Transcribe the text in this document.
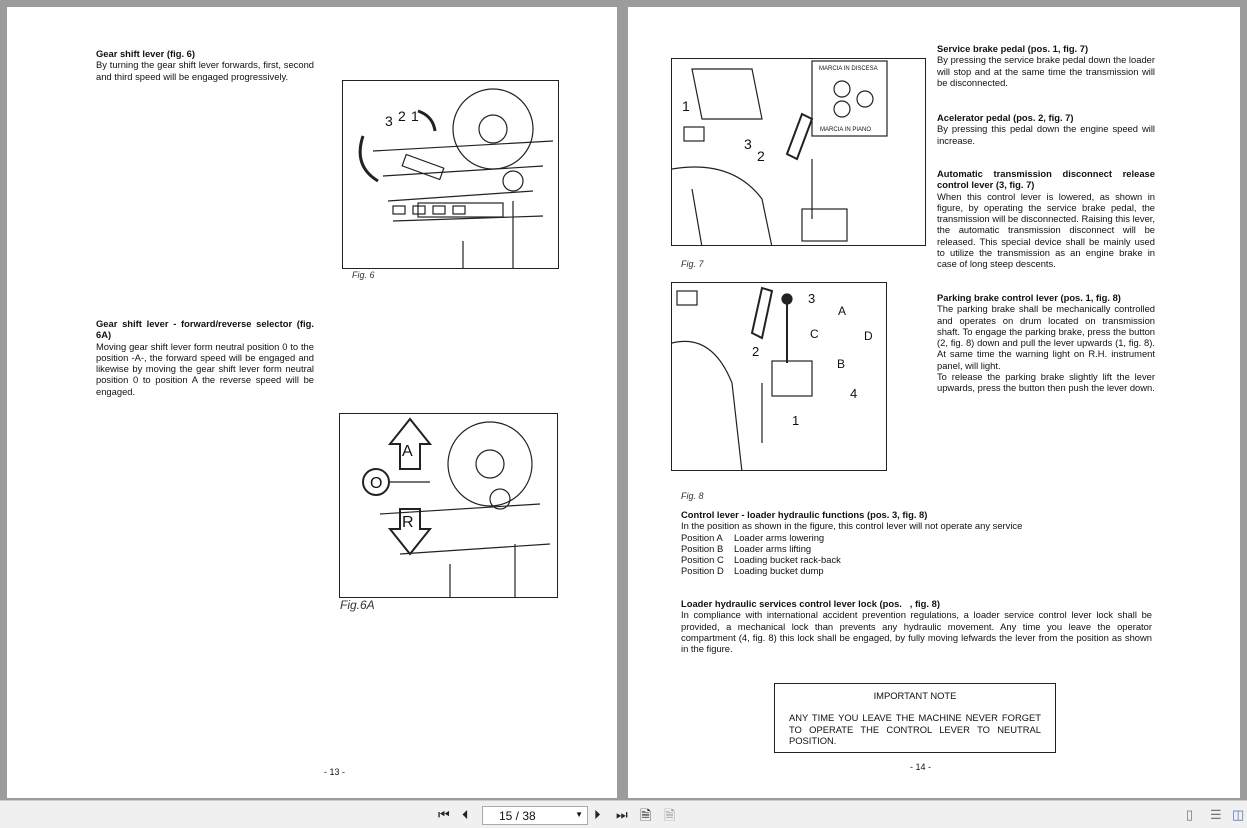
Gear shift lever (fig. 6)
By turning the gear shift lever forwards, first, second and third speed will be engaged progressively.
3 2 1
Fig. 6
Gear shift lever - forward/reverse selector (fig. 6A)
Moving gear shift lever form neutral position 0 to the position -A-, the forward speed will be engaged and likewise by moving the gear shift lever form neutral position 0 to position A the reverse speed will be engaged.
A
O
R
Fig.6A
- 13 -
MARCIA IN DISCESA
MARCIA IN PIANO
1
2
3
Fig. 7
3
2
1
4
A
B
C	D
Fig. 8
Service brake pedal (pos. 1, fig. 7)
By pressing the service brake pedal down the loader will stop and at the same time the transmission will be disconnected.
Acelerator pedal (pos. 2, fig. 7)
By pressing this pedal down the engine speed will increase.
Automatic transmission disconnect release control lever (3, fig. 7)
When this control lever is lowered, as shown in figure, by operating the service brake pedal, the transmission will be disconnected. Raising this lever, the automatic transmission disconnect will be released. This special device shall be mainly used to utilize the transmission as an engine brake in case of long steep descents.
Parking brake control lever (pos. 1, fig. 8)
The parking brake shall be mechanically controlled and operates on drum located on transmission shaft. To engage the parking brake, press the button (2, fig. 8) down and pull the lever upwards (1, fig. 8). At same time the warning light on R.H. instrument panel, will light.
To release the parking brake slightly lift the lever upwards, press the button then push the lever down.
Control lever - loader hydraulic functions (pos. 3, fig. 8)
In the position as shown in the figure, this control lever will not operate any service
Position A Loader arms lowering
Position B Loader arms lifting
Position C Loading bucket rack-back
Position D Loading bucket dump
Loader hydraulic services control lever lock (pos.   , fig. 8)
In compliance with international accident prevention regulations, a loader service control lever lock shall be provided, a mechanical lock than prevents any hydraulic movement. Any time you leave the operator compartment (4, fig. 8) this lock shall be engaged, by fully moving lefwards the lever from the position as shown in the figure.
IMPORTANT NOTE
ANY TIME YOU LEAVE THE MACHINE NEVER FORGET TO OPERATE THE CONTROL LEVER TO NEUTRAL POSITION.
- 14 -
⏮ ⏴	15 / 38	▼ ⏵ ⏭ 🗎 🗎	▯ ☰ ◫
